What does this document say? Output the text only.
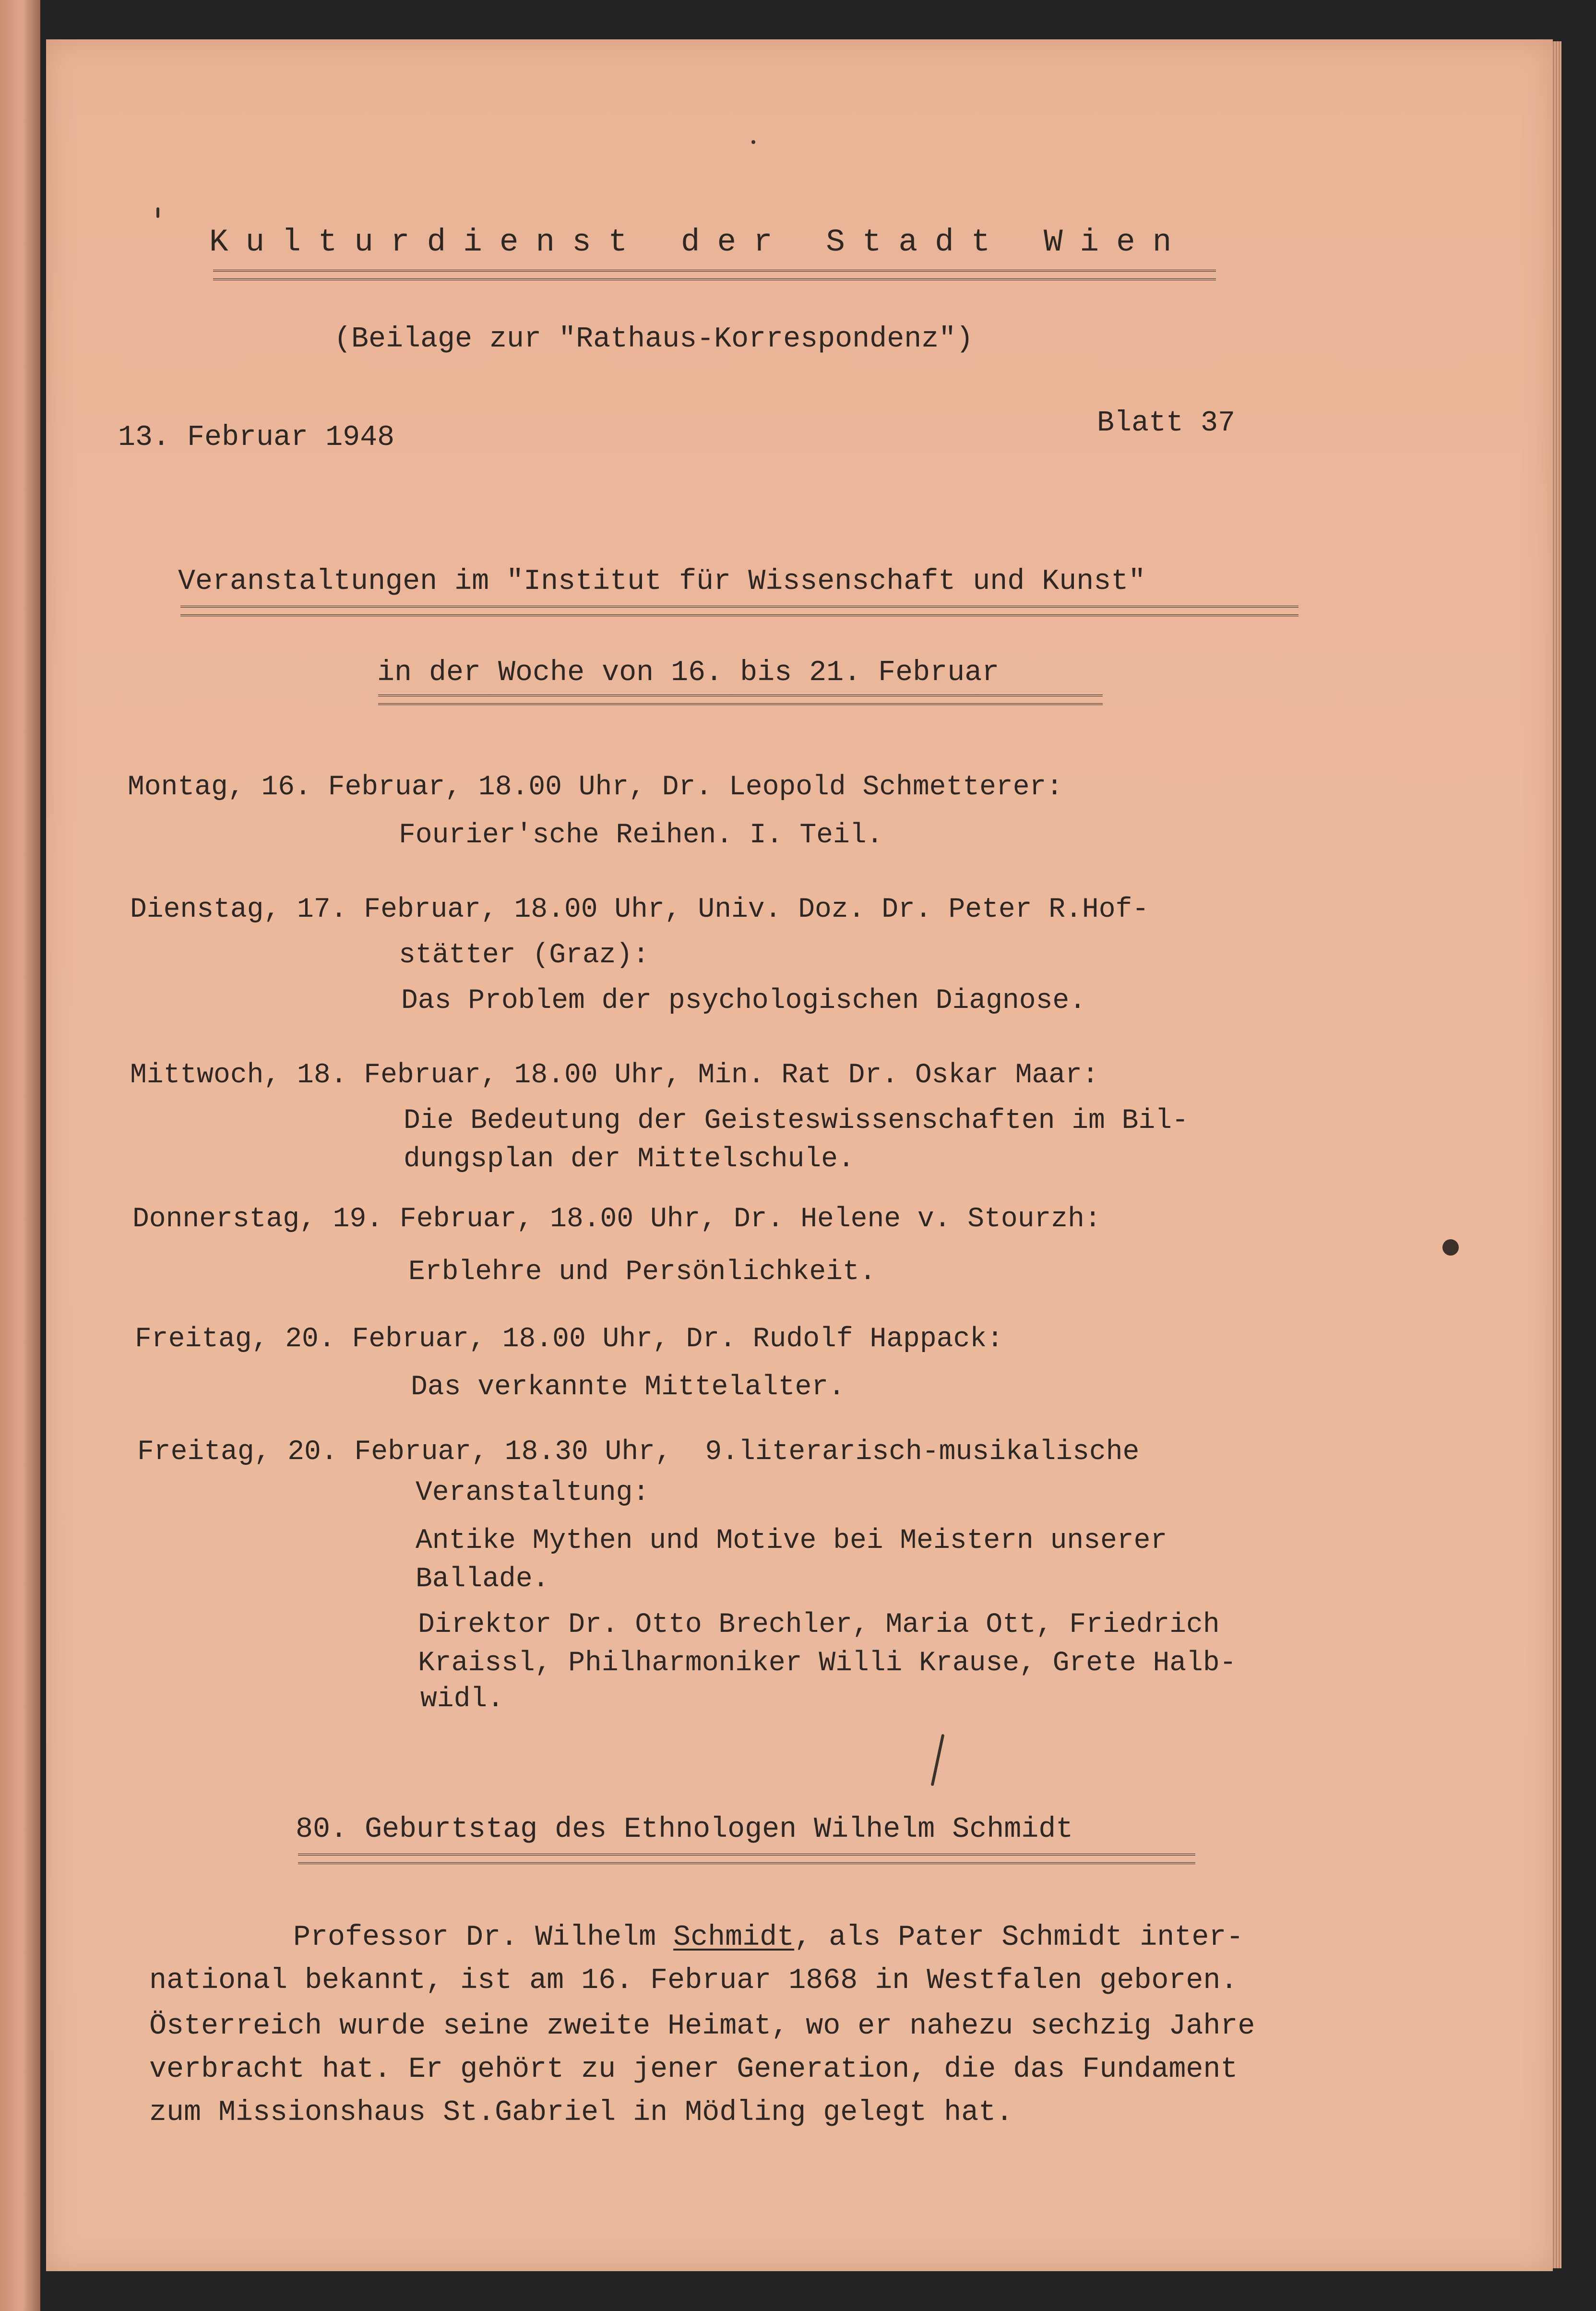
Kulturdienst der Stadt Wien
(Beilage zur "Rathaus-Korrespondenz")
13. Februar 1948	Blatt 37
Veranstaltungen im "Institut für Wissenschaft und Kunst"
in der Woche von 16. bis 21. Februar
Montag, 16. Februar, 18.00 Uhr, Dr. Leopold Schmetterer:
Fourier'sche Reihen. I. Teil.
Dienstag, 17. Februar, 18.00 Uhr, Univ. Doz. Dr. Peter R.Hof-
stätter (Graz):
Das Problem der psychologischen Diagnose.
Mittwoch, 18. Februar, 18.00 Uhr, Min. Rat Dr. Oskar Maar:
Die Bedeutung der Geisteswissenschaften im Bil-
dungsplan der Mittelschule.
Donnerstag, 19. Februar, 18.00 Uhr, Dr. Helene v. Stourzh:
Erblehre und Persönlichkeit.
Freitag, 20. Februar, 18.00 Uhr, Dr. Rudolf Happack:
Das verkannte Mittelalter.
Freitag, 20. Februar, 18.30 Uhr,  9.literarisch-musikalische
Veranstaltung:
Antike Mythen und Motive bei Meistern unserer
Ballade.
Direktor Dr. Otto Brechler, Maria Ott, Friedrich
Kraissl, Philharmoniker Willi Krause, Grete Halb-
widl.
80. Geburtstag des Ethnologen Wilhelm Schmidt
Professor Dr. Wilhelm Schmidt, als Pater Schmidt inter-
national bekannt, ist am 16. Februar 1868 in Westfalen geboren.
Österreich wurde seine zweite Heimat, wo er nahezu sechzig Jahre
verbracht hat. Er gehört zu jener Generation, die das Fundament
zum Missionshaus St.Gabriel in Mödling gelegt hat.
